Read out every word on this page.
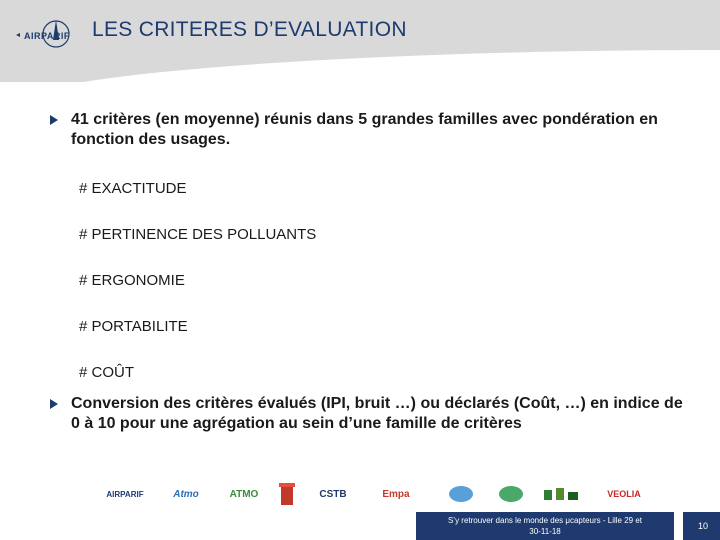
AIRPARIF LES CRITERES D’EVALUATION
41 critères (en moyenne) réunis dans 5 grandes familles avec pondération en fonction des usages.
# EXACTITUDE
# PERTINENCE DES POLLUANTS
# ERGONOMIE
# PORTABILITE
# COÛT
Conversion des critères évalués (IPI, bruit …) ou déclarés (Coût, …) en indice de 0 à 10 pour une agrégation au sein d’une famille de critères
AIRPARIF	Atmo	ATMO	CSTB	Empa	VEOLIA
S’y retrouver dans le monde des μcapteurs - Lille 29 et
30-11-18
10
